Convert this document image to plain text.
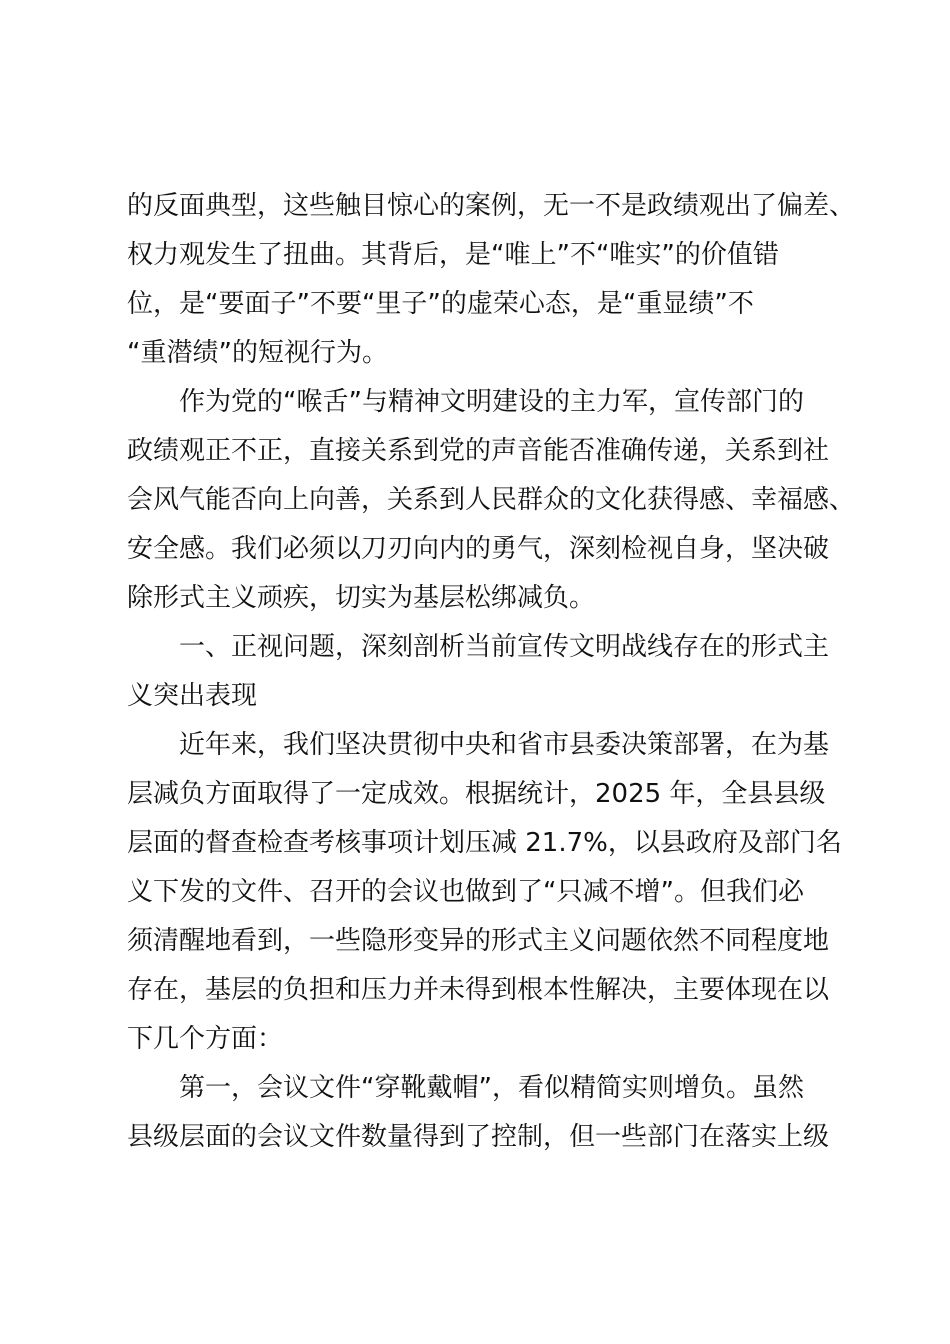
的反面典型，这些触目惊心的案例，无一不是政绩观出了偏差、
权力观发生了扭曲。其背后，是“唯上”不“唯实”的价值错
位，是“要面子”不要“里子”的虚荣心态，是“重显绩”不
“重潜绩”的短视行为。
作为党的“喉舌”与精神文明建设的主力军，宣传部门的
政绩观正不正，直接关系到党的声音能否准确传递，关系到社
会风气能否向上向善，关系到人民群众的文化获得感、幸福感、
安全感。我们必须以刀刃向内的勇气，深刻检视自身，坚决破
除形式主义顽疾，切实为基层松绑减负。
一、正视问题，深刻剖析当前宣传文明战线存在的形式主
义突出表现
近年来，我们坚决贯彻中央和省市县委决策部署，在为基
层减负方面取得了一定成效。根据统计，2025 年，全县县级
层面的督查检查考核事项计划压减 21.7%，以县政府及部门名
义下发的文件、召开的会议也做到了“只减不增”。但我们必
须清醒地看到，一些隐形变异的形式主义问题依然不同程度地
存在，基层的负担和压力并未得到根本性解决，主要体现在以
下几个方面：
第一，会议文件“穿靴戴帽”，看似精简实则增负。虽然
县级层面的会议文件数量得到了控制，但一些部门在落实上级
